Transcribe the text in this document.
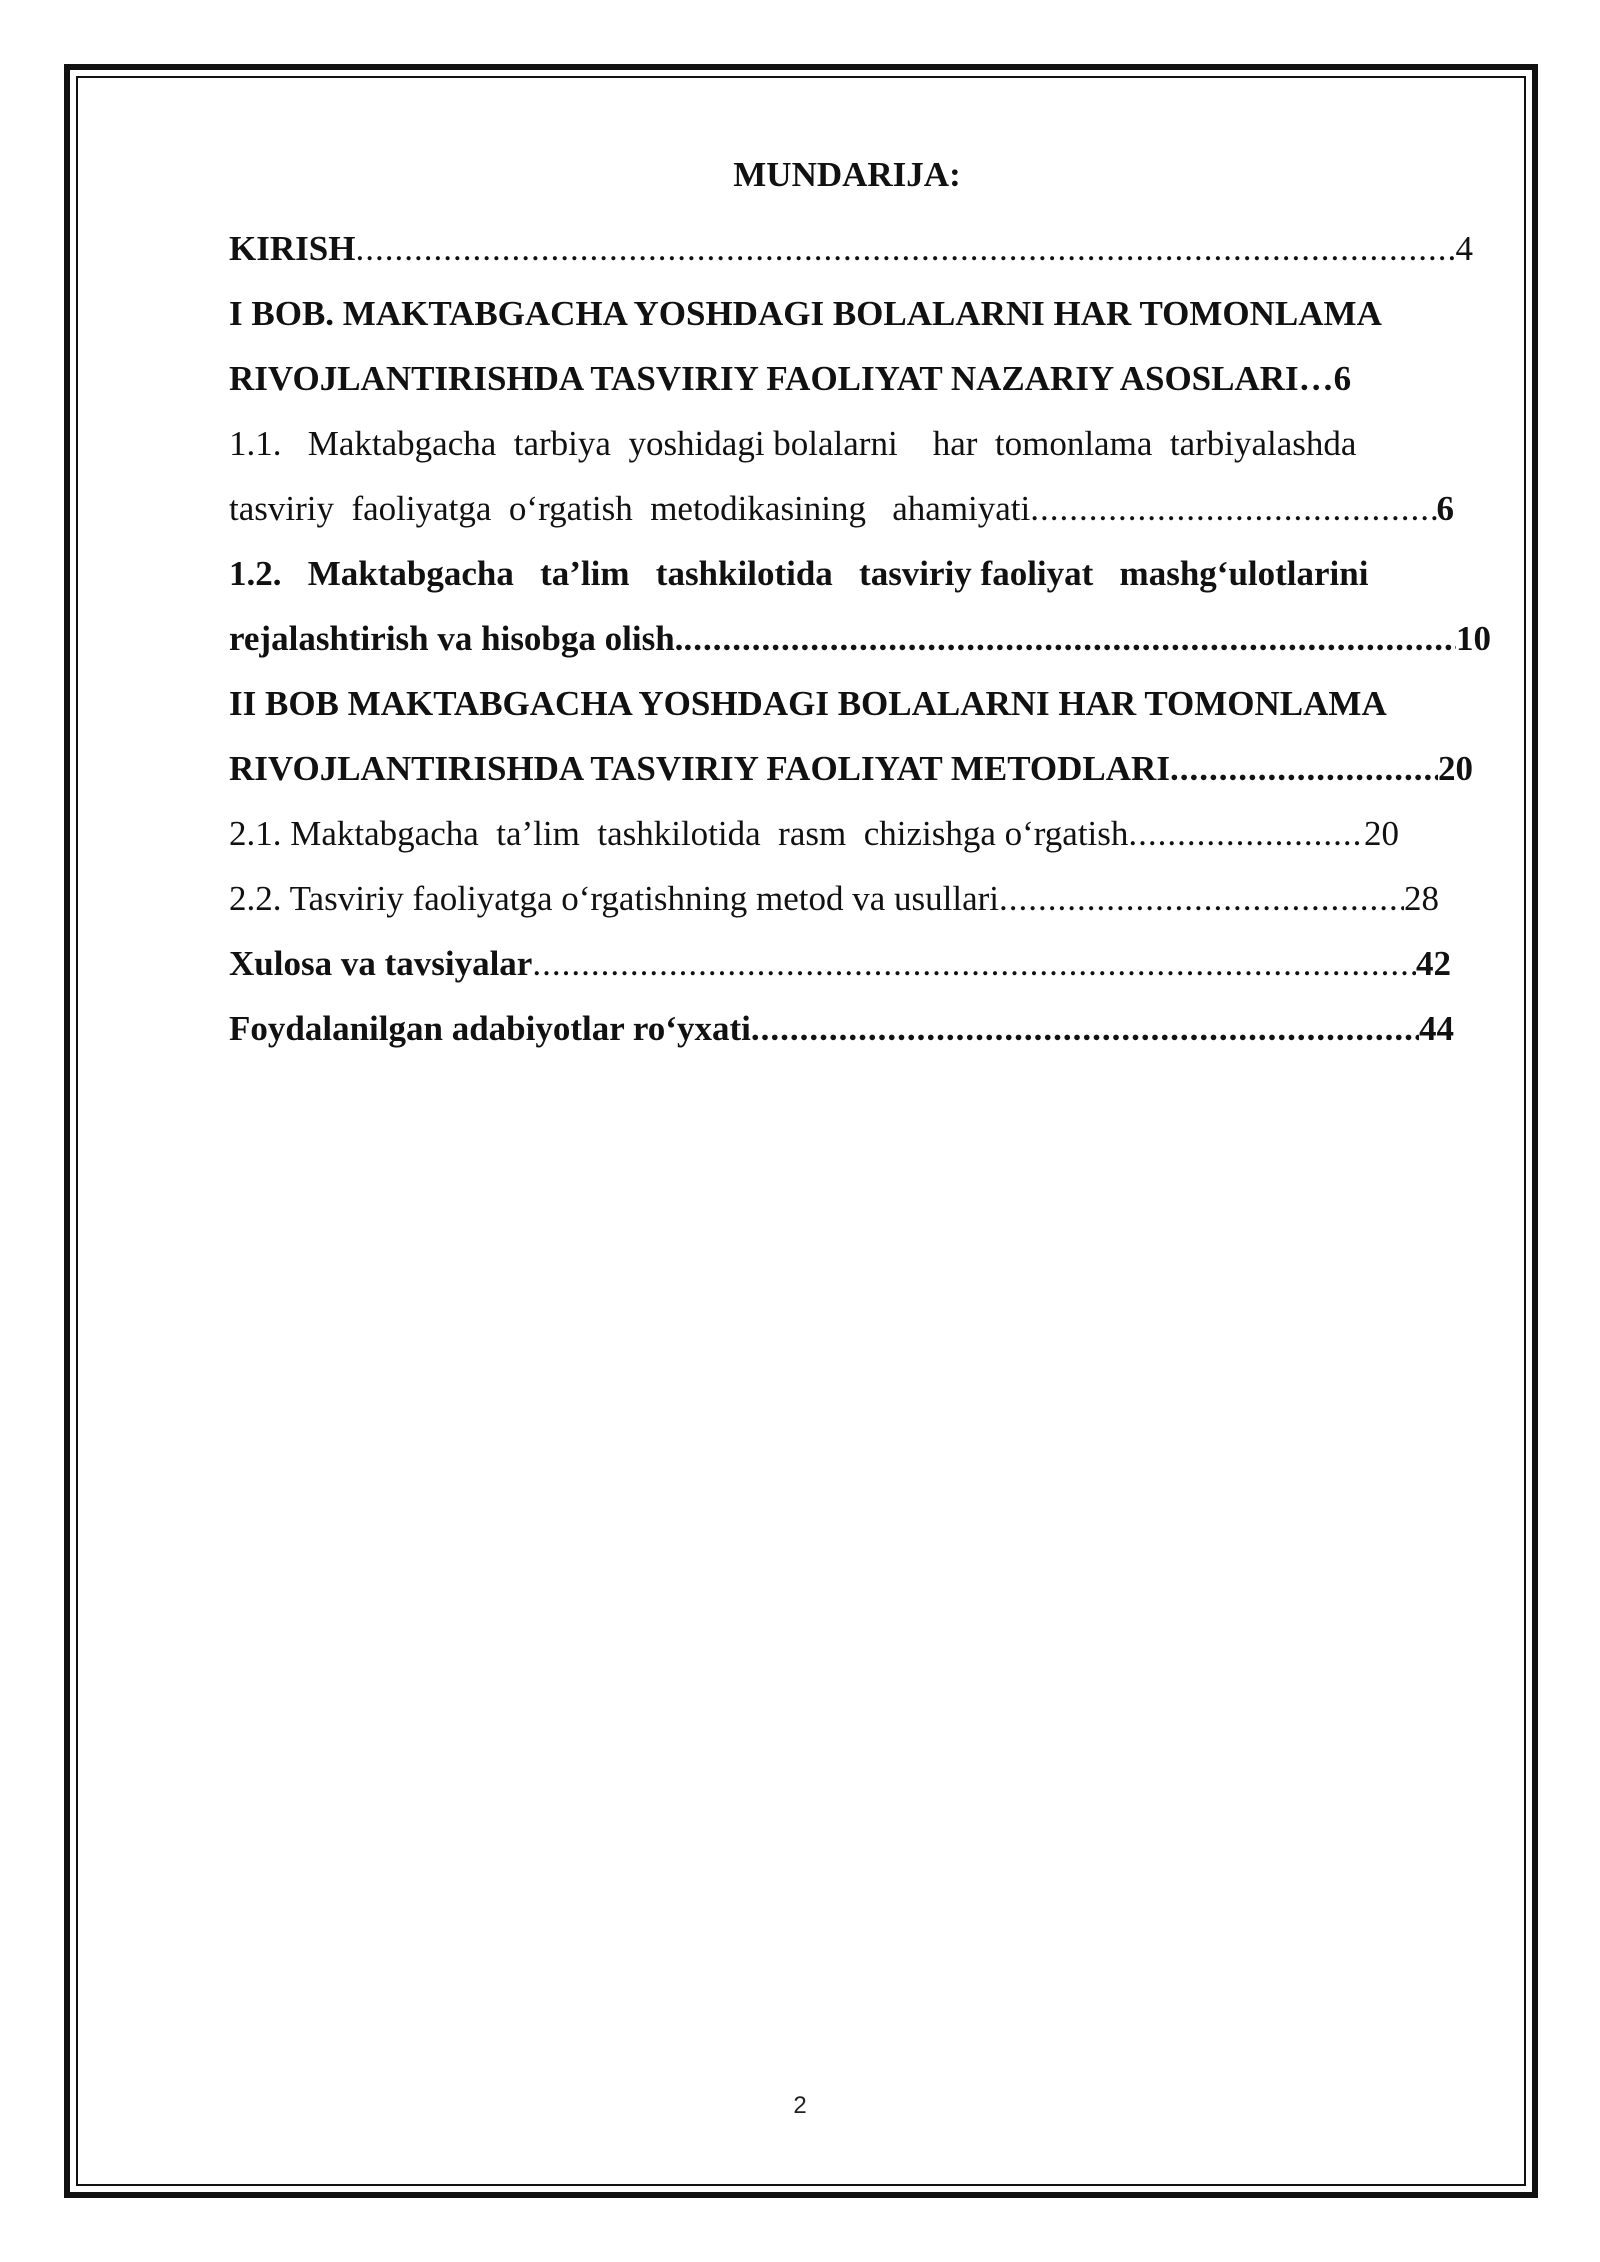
MUNDARIJA:
KIRISH .....	4
I BOB. MAKTABGACHA YOSHDAGI BOLALARNI HAR TOMONLAMA
RIVOJLANTIRISHDA TASVIRIY FAOLIYAT NAZARIY ASOSLARI… 6
1.1.   Maktabgacha  tarbiya  yoshidagi bolalarni    har  tomonlama  tarbiyalashda
tasviriy  faoliyatga  o‘rgatish  metodikasining   ahamiyati .....	6
1.2.   Maktabgacha   ta’lim   tashkilotida   tasviriy faoliyat   mashg‘ulotlarini
rejalashtirish va hisobga olish. .....	10
II BOB MAKTABGACHA YOSHDAGI BOLALARNI HAR TOMONLAMA
RIVOJLANTIRISHDA TASVIRIY FAOLIYAT METODLARI .....	20
2.1. Maktabgacha  ta’lim  tashkilotida  rasm  chizishga o‘rgatish .....	20
2.2. Tasviriy faoliyatga o‘rgatishning metod va usullari .....	28
Xulosa va tavsiyalar .....	42
Foydalanilgan adabiyotlar ro‘yxati .....	44
2
